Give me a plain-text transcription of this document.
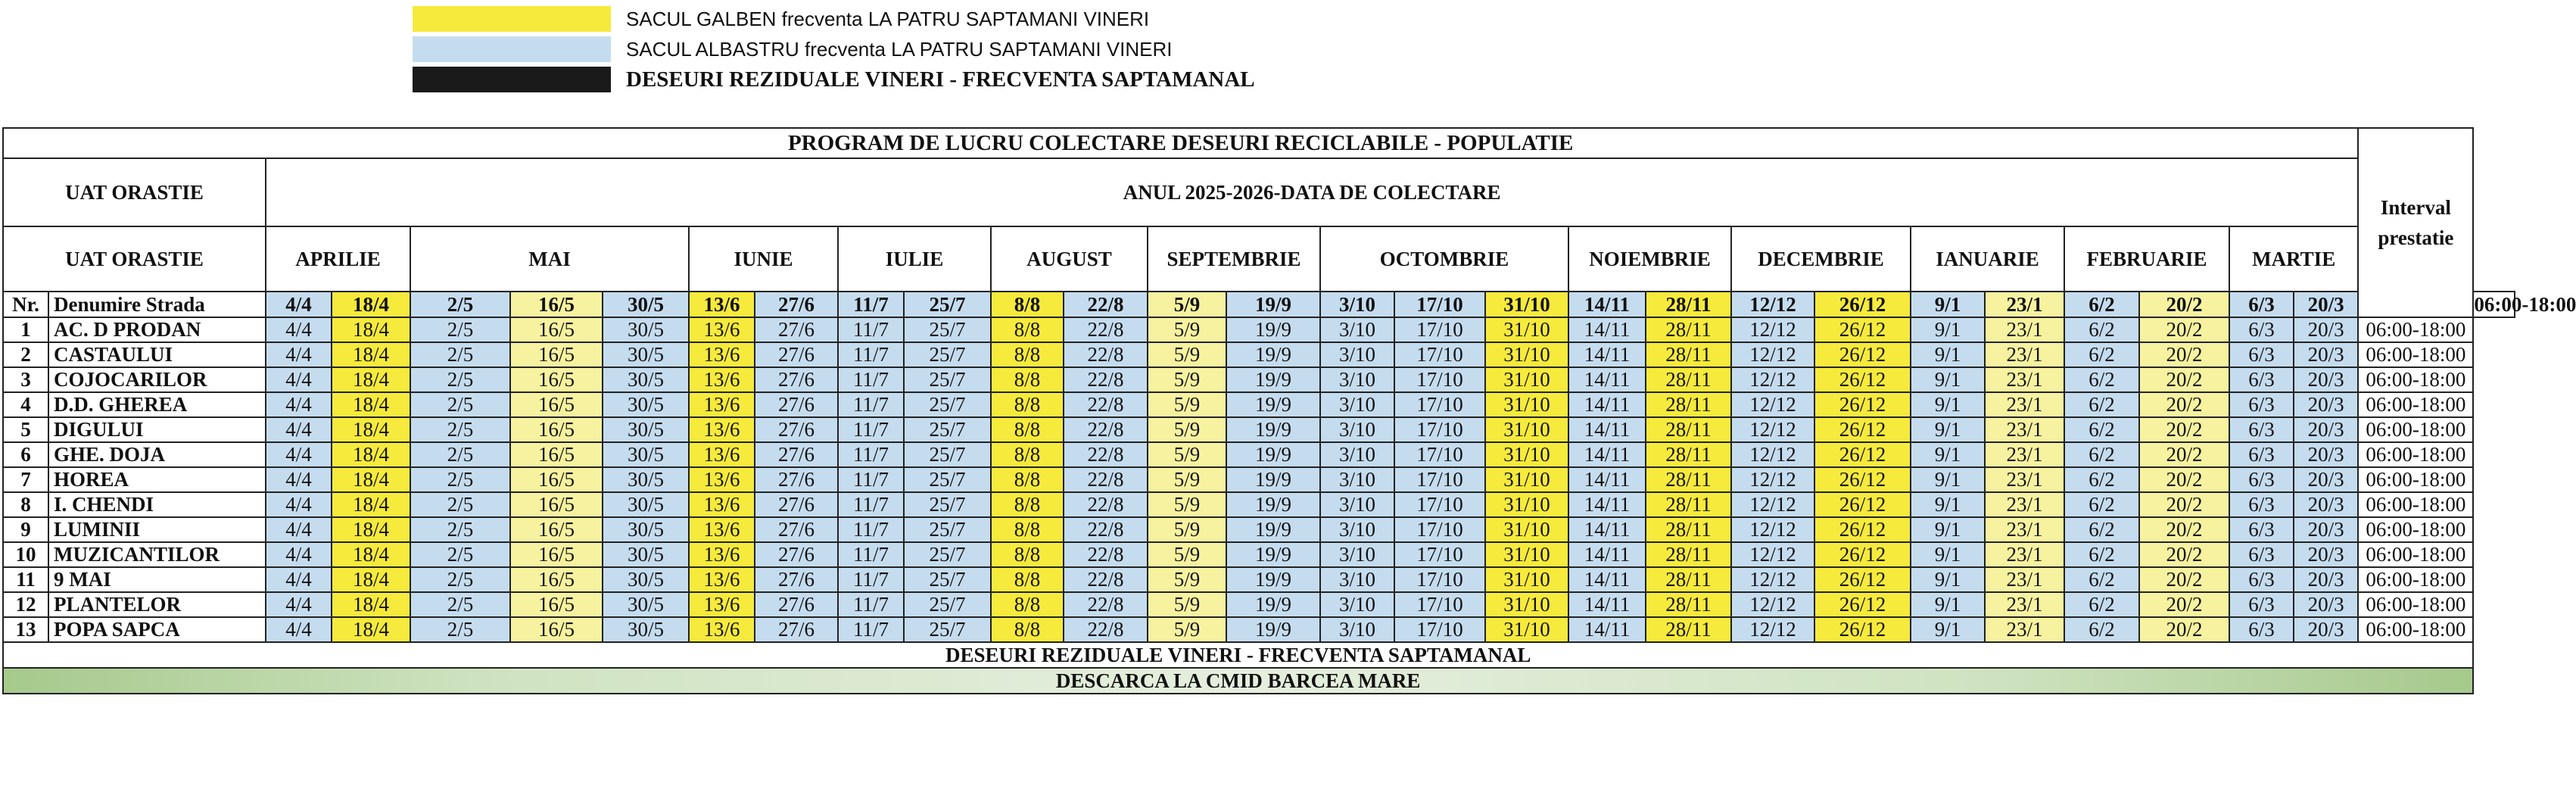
SACUL GALBEN frecventa LA PATRU SAPTAMANI VINERI
SACUL ALBASTRU frecventa LA PATRU SAPTAMANI VINERI
DESEURI REZIDUALE VINERI - FRECVENTA SAPTAMANAL
PROGRAM DE LUCRU COLECTARE DESEURI RECICLABILE - POPULATIE																												Interval prestatie	
UAT ORASTIE		ANUL 2025-2026-DATA DE COLECTARE																											
UAT ORASTIE		APRILIE		MAI			IUNIE		IULIE		AUGUST		SEPTEMBRIE		OCTOMBRIE			NOIEMBRIE		DECEMBRIE		IANUARIE		FEBRUARIE		MARTIE			
Nr.	Denumire Strada	4/4	18/4	2/5	16/5	30/5	13/6	27/6	11/7	25/7	8/8	22/8	5/9	19/9	3/10	17/10	31/10	14/11	28/11	12/12	26/12	9/1	23/1	6/2	20/2	6/3	20/3		06:00-18:00
1	AC. D PRODAN	4/4	18/4	2/5	16/5	30/5	13/6	27/6	11/7	25/7	8/8	22/8	5/9	19/9	3/10	17/10	31/10	14/11	28/11	12/12	26/12	9/1	23/1	6/2	20/2	6/3	20/3	06:00-18:00	
2	CASTAULUI	4/4	18/4	2/5	16/5	30/5	13/6	27/6	11/7	25/7	8/8	22/8	5/9	19/9	3/10	17/10	31/10	14/11	28/11	12/12	26/12	9/1	23/1	6/2	20/2	6/3	20/3	06:00-18:00	
3	COJOCARILOR	4/4	18/4	2/5	16/5	30/5	13/6	27/6	11/7	25/7	8/8	22/8	5/9	19/9	3/10	17/10	31/10	14/11	28/11	12/12	26/12	9/1	23/1	6/2	20/2	6/3	20/3	06:00-18:00	
4	D.D. GHEREA	4/4	18/4	2/5	16/5	30/5	13/6	27/6	11/7	25/7	8/8	22/8	5/9	19/9	3/10	17/10	31/10	14/11	28/11	12/12	26/12	9/1	23/1	6/2	20/2	6/3	20/3	06:00-18:00	
5	DIGULUI	4/4	18/4	2/5	16/5	30/5	13/6	27/6	11/7	25/7	8/8	22/8	5/9	19/9	3/10	17/10	31/10	14/11	28/11	12/12	26/12	9/1	23/1	6/2	20/2	6/3	20/3	06:00-18:00	
6	GHE. DOJA	4/4	18/4	2/5	16/5	30/5	13/6	27/6	11/7	25/7	8/8	22/8	5/9	19/9	3/10	17/10	31/10	14/11	28/11	12/12	26/12	9/1	23/1	6/2	20/2	6/3	20/3	06:00-18:00	
7	HOREA	4/4	18/4	2/5	16/5	30/5	13/6	27/6	11/7	25/7	8/8	22/8	5/9	19/9	3/10	17/10	31/10	14/11	28/11	12/12	26/12	9/1	23/1	6/2	20/2	6/3	20/3	06:00-18:00	
8	I. CHENDI	4/4	18/4	2/5	16/5	30/5	13/6	27/6	11/7	25/7	8/8	22/8	5/9	19/9	3/10	17/10	31/10	14/11	28/11	12/12	26/12	9/1	23/1	6/2	20/2	6/3	20/3	06:00-18:00	
9	LUMINII	4/4	18/4	2/5	16/5	30/5	13/6	27/6	11/7	25/7	8/8	22/8	5/9	19/9	3/10	17/10	31/10	14/11	28/11	12/12	26/12	9/1	23/1	6/2	20/2	6/3	20/3	06:00-18:00	
10	MUZICANTILOR	4/4	18/4	2/5	16/5	30/5	13/6	27/6	11/7	25/7	8/8	22/8	5/9	19/9	3/10	17/10	31/10	14/11	28/11	12/12	26/12	9/1	23/1	6/2	20/2	6/3	20/3	06:00-18:00	
11	9 MAI	4/4	18/4	2/5	16/5	30/5	13/6	27/6	11/7	25/7	8/8	22/8	5/9	19/9	3/10	17/10	31/10	14/11	28/11	12/12	26/12	9/1	23/1	6/2	20/2	6/3	20/3	06:00-18:00	
12	PLANTELOR	4/4	18/4	2/5	16/5	30/5	13/6	27/6	11/7	25/7	8/8	22/8	5/9	19/9	3/10	17/10	31/10	14/11	28/11	12/12	26/12	9/1	23/1	6/2	20/2	6/3	20/3	06:00-18:00	
13	POPA SAPCA	4/4	18/4	2/5	16/5	30/5	13/6	27/6	11/7	25/7	8/8	22/8	5/9	19/9	3/10	17/10	31/10	14/11	28/11	12/12	26/12	9/1	23/1	6/2	20/2	6/3	20/3	06:00-18:00	
DESEURI REZIDUALE VINERI - FRECVENTA SAPTAMANAL																													
DESCARCA LA CMID BARCEA MARE																													
